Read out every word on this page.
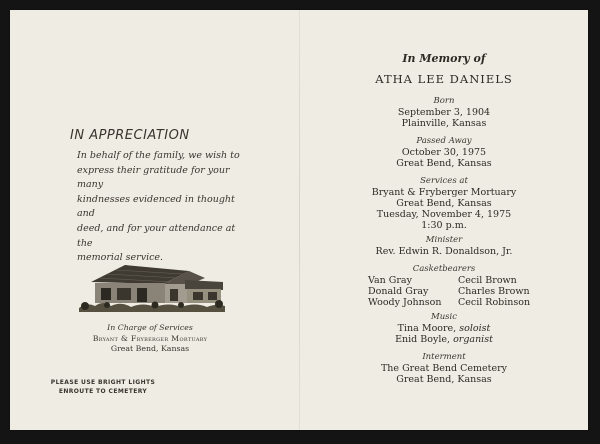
IN APPRECIATION
In behalf of the family, we wish to
express their gratitude for your many
kindnesses evidenced in thought and
deed, and for your attendance at the
memorial service.
In Charge of Services
Bryant & Fryberger Mortuary
Great Bend, Kansas
PLEASE USE BRIGHT LIGHTS
ENROUTE TO CEMETERY
In Memory of
ATHA LEE DANIELS
Born
September 3, 1904
Plainville, Kansas
Passed Away
October 30, 1975
Great Bend, Kansas
Services at
Bryant & Fryberger Mortuary
Great Bend, Kansas
Tuesday, November 4, 1975
1:30 p.m.
Minister
Rev. Edwin R. Donaldson, Jr.
Casketbearers
Van Gray
Donald Gray
Woody Johnson
Cecil Brown
Charles Brown
Cecil Robinson
Music
Tina Moore, soloist
Enid Boyle, organist
Interment
The Great Bend Cemetery
Great Bend, Kansas
